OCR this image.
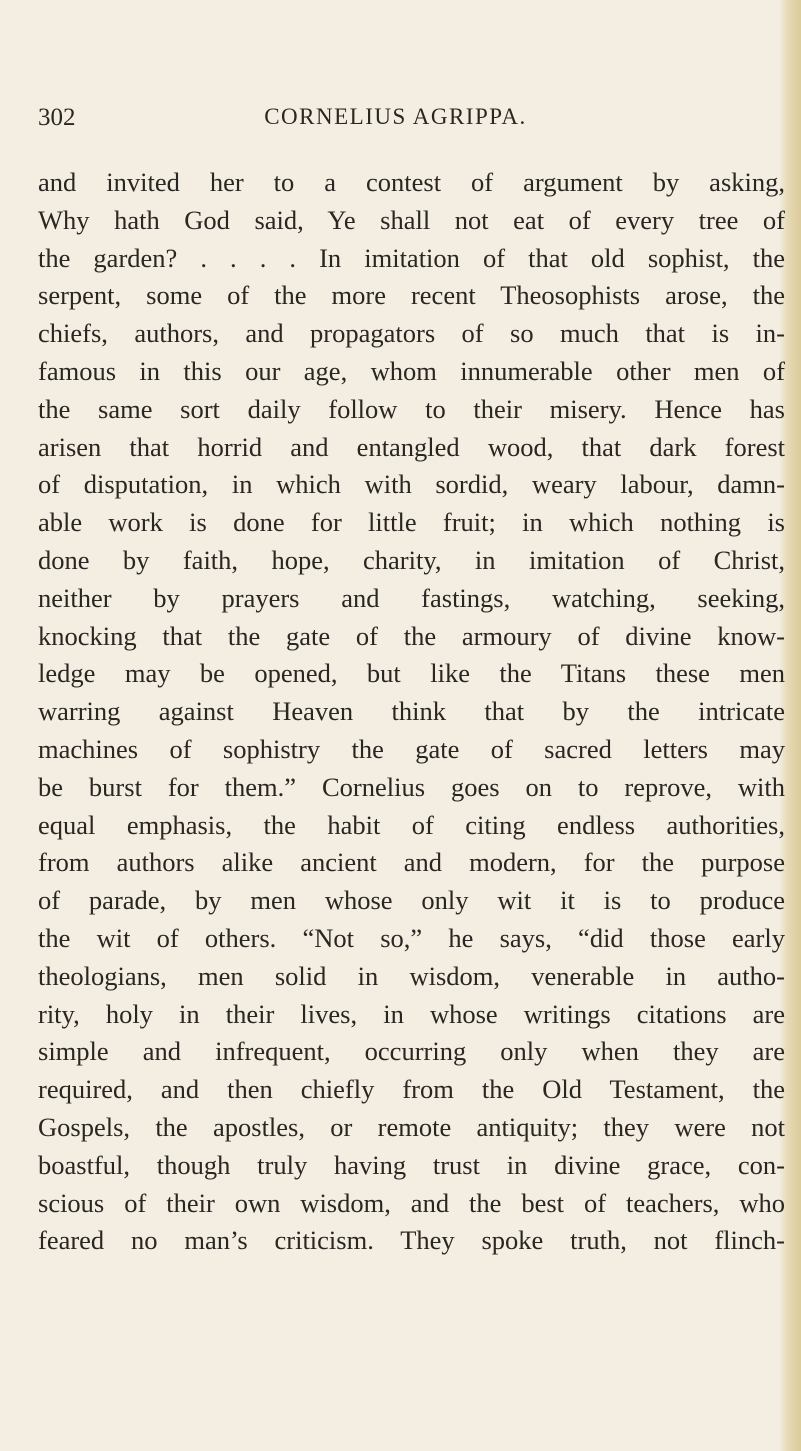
302	CORNELIUS AGRIPPA.
and invited her to a contest of argument by asking,
Why hath God said, Ye shall not eat of every tree of
the garden? . . . . In imitation of that old sophist, the
serpent, some of the more recent Theosophists arose, the
chiefs, authors, and propagators of so much that is in-
famous in this our age, whom innumerable other men of
the same sort daily follow to their misery. Hence has
arisen that horrid and entangled wood, that dark forest
of disputation, in which with sordid, weary labour, damn-
able work is done for little fruit; in which nothing is
done by faith, hope, charity, in imitation of Christ,
neither by prayers and fastings, watching, seeking,
knocking that the gate of the armoury of divine know-
ledge may be opened, but like the Titans these men
warring against Heaven think that by the intricate
machines of sophistry the gate of sacred letters may
be burst for them.” Cornelius goes on to reprove, with
equal emphasis, the habit of citing endless authorities,
from authors alike ancient and modern, for the purpose
of parade, by men whose only wit it is to produce
the wit of others. “Not so,” he says, “did those early
theologians, men solid in wisdom, venerable in autho-
rity, holy in their lives, in whose writings citations are
simple and infrequent, occurring only when they are
required, and then chiefly from the Old Testament, the
Gospels, the apostles, or remote antiquity; they were not
boastful, though truly having trust in divine grace, con-
scious of their own wisdom, and the best of teachers, who
feared no man’s criticism. They spoke truth, not flinch-
